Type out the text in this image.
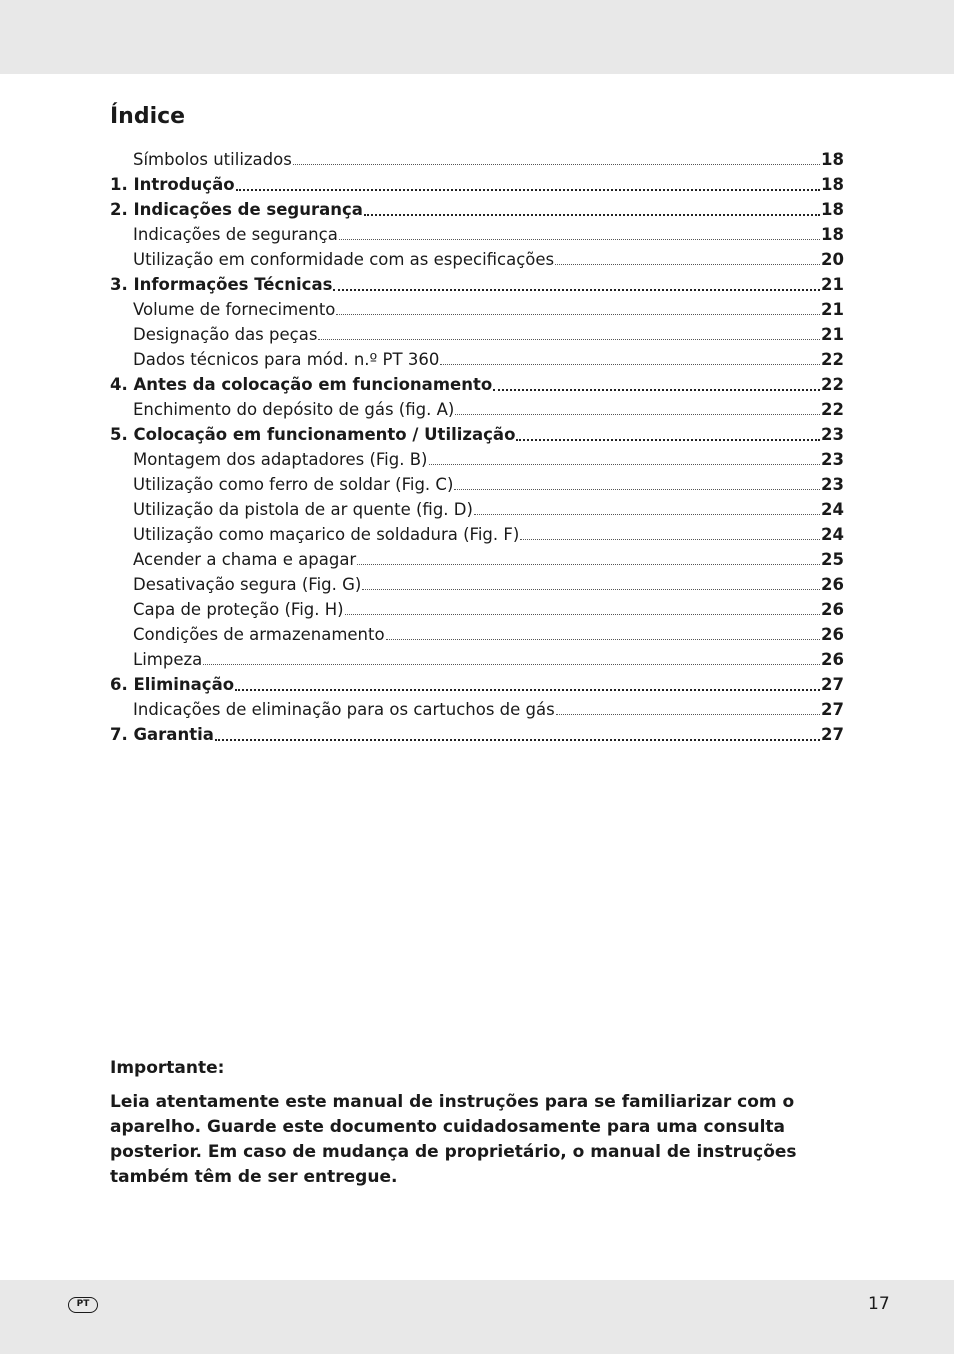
Índice
Símbolos utilizados	18
1. Introdução	18
2. Indicações de segurança	18
Indicações de segurança	18
Utilização em conformidade com as especificações	20
3. Informações Técnicas	21
Volume de fornecimento	21
Designação das peças	21
Dados técnicos para mód. n.º PT 360	22
4. Antes da colocação em funcionamento	22
Enchimento do depósito de gás (fig. A)	22
5. Colocação em funcionamento / Utilização	23
Montagem dos adaptadores (Fig. B)	23
Utilização como ferro de soldar (Fig. C)	23
Utilização da pistola de ar quente (fig. D)	24
Utilização como maçarico de soldadura (Fig. F)	24
Acender a chama e apagar	25
Desativação segura (Fig. G)	26
Capa de proteção (Fig. H)	26
Condições de armazenamento	26
Limpeza	26
6. Eliminação	27
Indicações de eliminação para os cartuchos de gás	27
7. Garantia	27

Importante:

Leia atentamente este manual de instruções para se familiarizar com o aparelho. Guarde este documento cuidadosamente para uma consulta posterior. Em caso de mudança de proprietário, o manual de instruções também têm de ser entregue.

PT	17
